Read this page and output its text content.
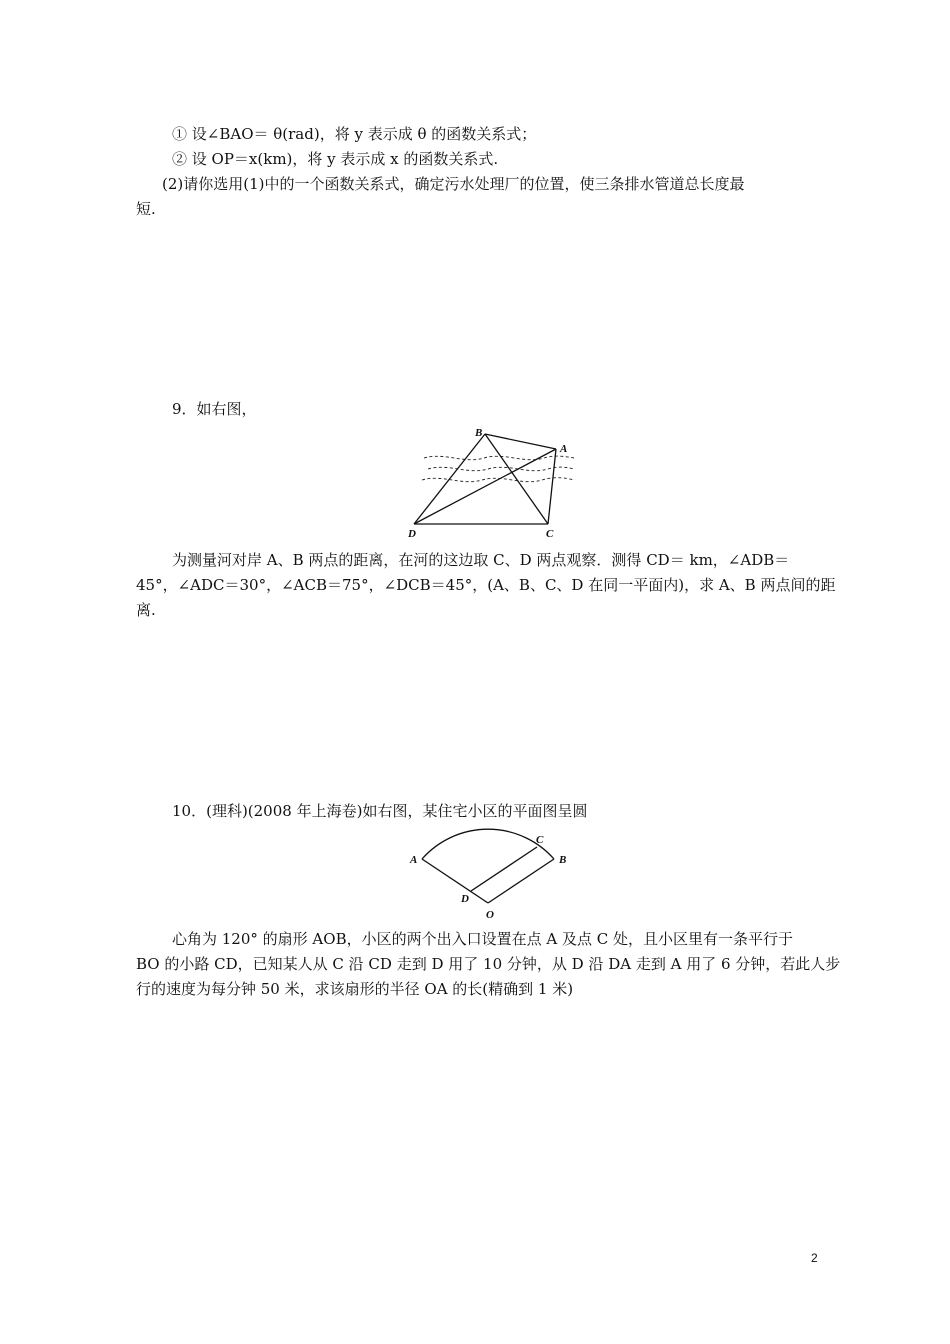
① 设∠BAO＝ θ(rad)，将 y 表示成 θ 的函数关系式；
② 设 OP＝x(km)，将 y 表示成 x 的函数关系式.
(2)请你选用(1)中的一个函数关系式，确定污水处理厂的位置，使三条排水管道总长度最
短.
9．如右图，
B
A
D	C
为测量河对岸 A、B 两点的距离，在河的这边取 C、D 两点观察．测得 CD＝ km，∠ADB＝
45°，∠ADC＝30°，∠ACB＝75°，∠DCB＝45°，(A、B、C、D 在同一平面内)，求 A、B 两点间的距
离.
10．(理科)(2008 年上海卷)如右图，某住宅小区的平面图呈圆
A	B
C
D
O
心角为 120° 的扇形 AOB，小区的两个出入口设置在点 A 及点 C 处，且小区里有一条平行于
BO 的小路 CD，已知某人从 C 沿 CD 走到 D 用了 10 分钟，从 D 沿 DA 走到 A 用了 6 分钟，若此人步
行的速度为每分钟 50 米，求该扇形的半径 OA 的长(精确到 1 米)
2
